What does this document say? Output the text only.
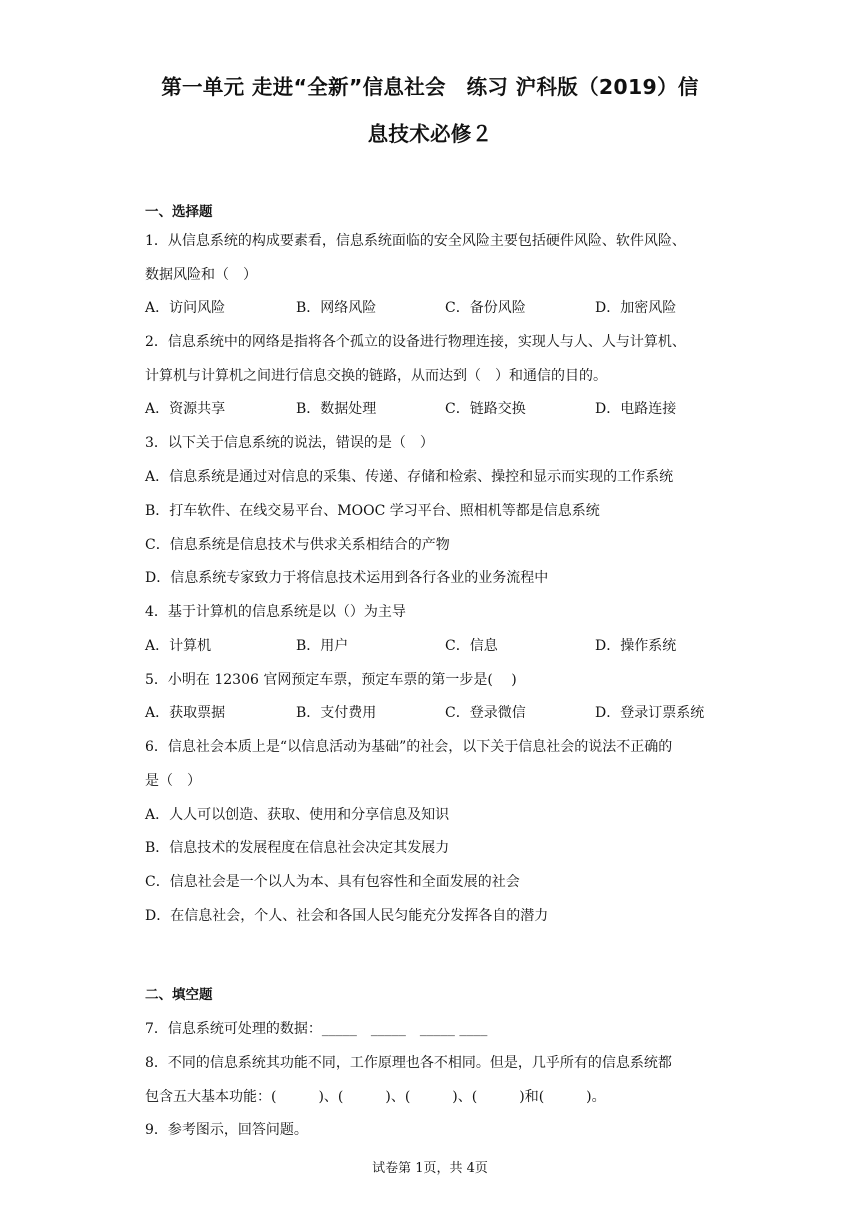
第一单元 走进“全新”信息社会　练习 沪科版（2019）信
息技术必修２
一、选择题
1．从信息系统的构成要素看，信息系统面临的安全风险主要包括硬件风险、软件风险、
数据风险和（　）
A．访问风险	B．网络风险	C．备份风险	D．加密风险
2．信息系统中的网络是指将各个孤立的设备进行物理连接，实现人与人、人与计算机、
计算机与计算机之间进行信息交换的链路，从而达到（　）和通信的目的。
A．资源共享	B．数据处理	C．链路交换	D．电路连接
3．以下关于信息系统的说法，错误的是（　）
A．信息系统是通过对信息的采集、传递、存储和检索、操控和显示而实现的工作系统
B．打车软件、在线交易平台、MOOC 学习平台、照相机等都是信息系统
C．信息系统是信息技术与供求关系相结合的产物
D．信息系统专家致力于将信息技术运用到各行各业的业务流程中
4．基于计算机的信息系统是以（）为主导
A．计算机	B．用户	C．信息	D．操作系统
5．小明在 12306 官网预定车票，预定车票的第一步是(　 )
A．获取票据	B．支付费用	C．登录微信	D．登录订票系统
6．信息社会本质上是“以信息活动为基础”的社会，以下关于信息社会的说法不正确的
是（　）
A．人人可以创造、获取、使用和分享信息及知识
B．信息技术的发展程度在信息社会决定其发展力
C．信息社会是一个以人为本、具有包容性和全面发展的社会
D．在信息社会，个人、社会和各国人民匀能充分发挥各自的潜力
二、填空题
7．信息系统可处理的数据：_____　_____　_____ ____
8．不同的信息系统其功能不同，工作原理也各不相同。但是，几乎所有的信息系统都
包含五大基本功能：(　　　)、(　　　)、(　　　)、(　　　)和(　　　)。
9．参考图示，回答问题。
试卷第 1页，共 4页
